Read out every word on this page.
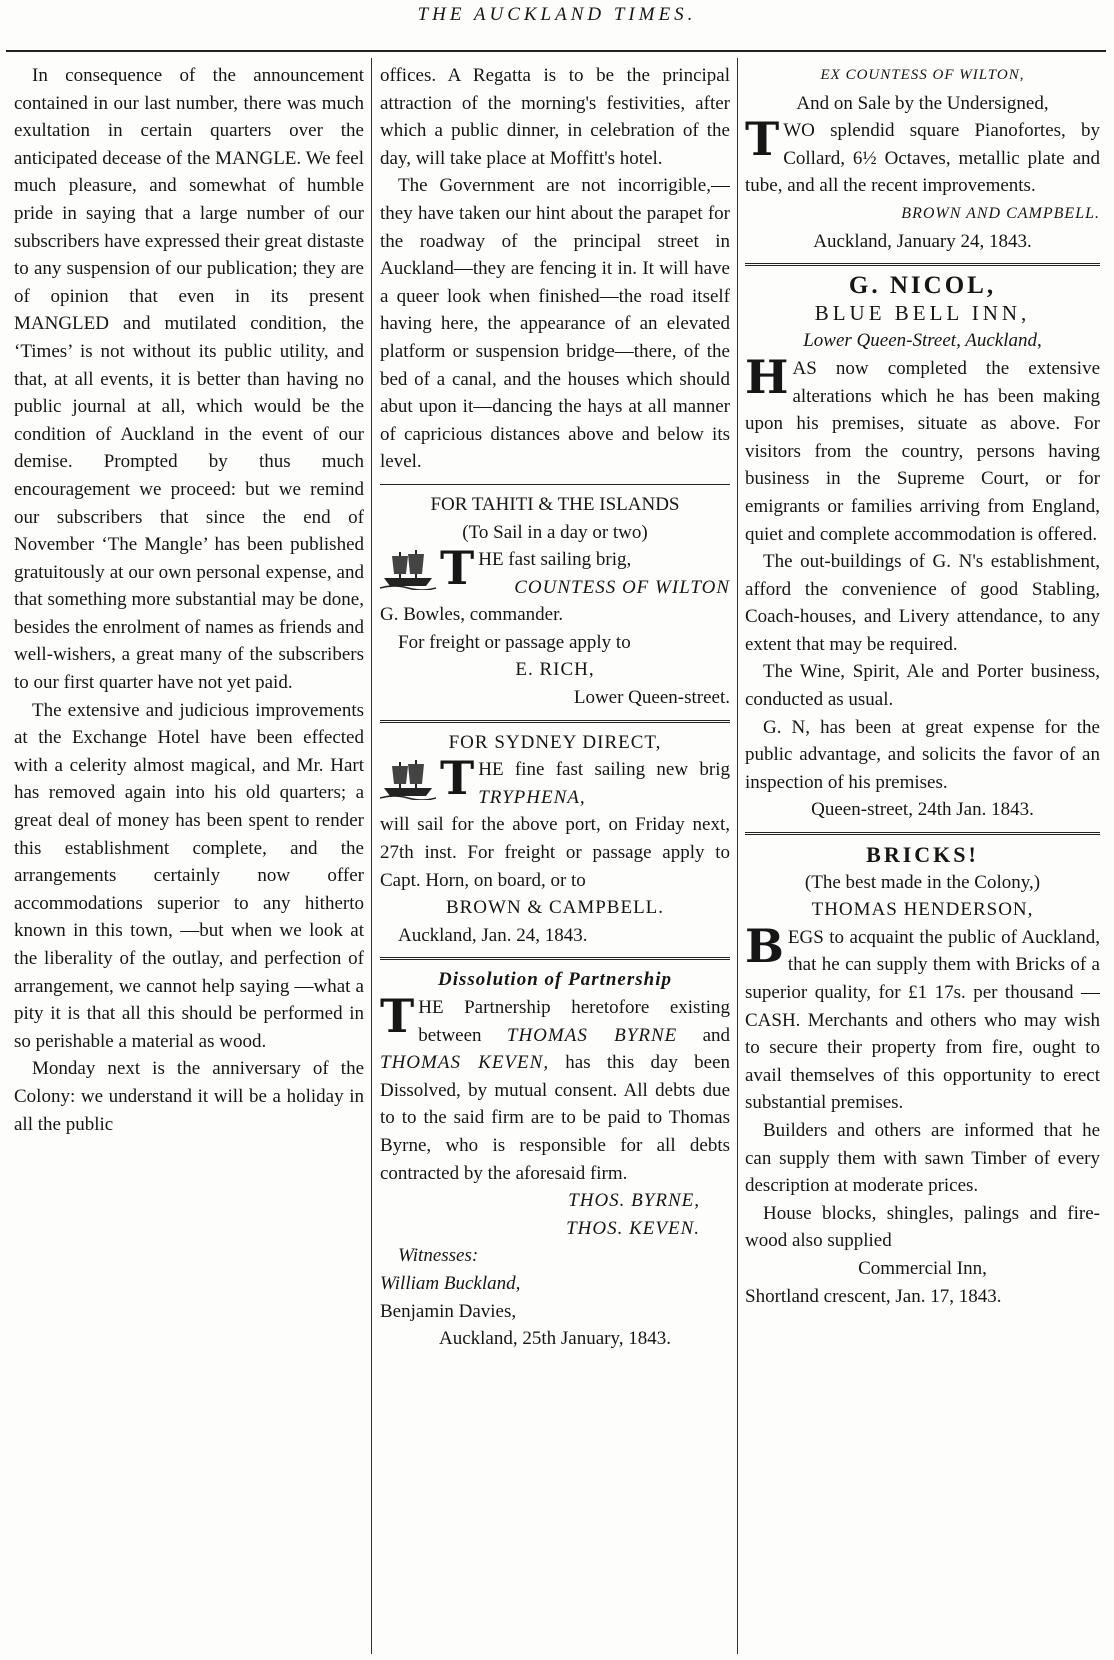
THE AUCKLAND TIMES.

In consequence of the announcement contained in our last number, there was much exultation in certain quarters over the anticipated decease of the MANGLE. We feel much pleasure, and somewhat of humble pride in saying that a large number of our subscribers have expressed their great distaste to any suspension of our publication; they are of opinion that even in its present MANGLED and mutilated condition, the ‘Times’ is not without its public utility, and that, at all events, it is better than having no public journal at all, which would be the condition of Auckland in the event of our demise. Prompted by thus much encouragement we proceed: but we remind our subscribers that since the end of November ‘The Mangle’ has been published gratuitously at our own personal expense, and that something more substantial may be done, besides the enrolment of names as friends and well-wishers, a great many of the subscribers to our first quarter have not yet paid.

The extensive and judicious improvements at the Exchange Hotel have been effected with a celerity almost magical, and Mr. Hart has removed again into his old quarters; a great deal of money has been spent to render this establishment complete, and the arrangements certainly now offer accommodations superior to any hitherto known in this town, —but when we look at the liberality of the outlay, and perfection of arrangement, we cannot help saying —what a pity it is that all this should be performed in so perishable a material as wood.

Monday next is the anniversary of the Colony: we understand it will be a holiday in all the public

offices. A Regatta is to be the principal attraction of the morning's festivities, after which a public dinner, in celebration of the day, will take place at Moffitt's hotel.

The Government are not incorrigible,—they have taken our hint about the parapet for the roadway of the principal street in Auckland—they are fencing it in. It will have a queer look when finished—the road itself having here, the appearance of an elevated platform or suspension bridge—there, of the bed of a canal, and the houses which should abut upon it—dancing the hays at all manner of capricious distances above and below its level.

FOR TAHITI & THE ISLANDS

(To Sail in a day or two)

THE fast sailing brig,

COUNTESS OF WILTON

G. Bowles, commander.

For freight or passage apply to

E. RICH,

Lower Queen-street.

FOR SYDNEY DIRECT,

THE fine fast sailing new brig TRYPHENA,

will sail for the above port, on Friday next, 27th inst. For freight or passage apply to Capt. Horn, on board, or to

BROWN & CAMPBELL.

Auckland, Jan. 24, 1843.

Dissolution of Partnership

THE Partnership heretofore existing between THOMAS BYRNE and THOMAS KEVEN, has this day been Dissolved, by mutual consent. All debts due to to the said firm are to be paid to Thomas Byrne, who is responsible for all debts contracted by the aforesaid firm.

THOS. BYRNE,

THOS. KEVEN.

Witnesses:

William Buckland,

Benjamin Davies,

Auckland, 25th January, 1843.

EX COUNTESS OF WILTON,

And on Sale by the Undersigned,

TWO splendid square Pianofortes, by Collard, 6½ Octaves, metallic plate and tube, and all the recent improvements.

BROWN AND CAMPBELL.

Auckland, January 24, 1843.

G. NICOL,

BLUE BELL INN,

Lower Queen-Street, Auckland,

HAS now completed the extensive alterations which he has been making upon his premises, situate as above. For visitors from the country, persons having business in the Supreme Court, or for emigrants or families arriving from England, quiet and complete accommodation is offered.

The out-buildings of G. N's establishment, afford the convenience of good Stabling, Coach-houses, and Livery attendance, to any extent that may be required.

The Wine, Spirit, Ale and Porter business, conducted as usual.

G. N, has been at great expense for the public advantage, and solicits the favor of an inspection of his premises.

Queen-street, 24th Jan. 1843.

BRICKS!

(The best made in the Colony,)

THOMAS HENDERSON,

BEGS to acquaint the public of Auckland, that he can supply them with Bricks of a superior quality, for £1 17s. per thousand —CASH. Merchants and others who may wish to secure their property from fire, ought to avail themselves of this opportunity to erect substantial premises.

Builders and others are informed that he can supply them with sawn Timber of every description at moderate prices.

House blocks, shingles, palings and fire-wood also supplied

Commercial Inn,

Shortland crescent, Jan. 17, 1843.
